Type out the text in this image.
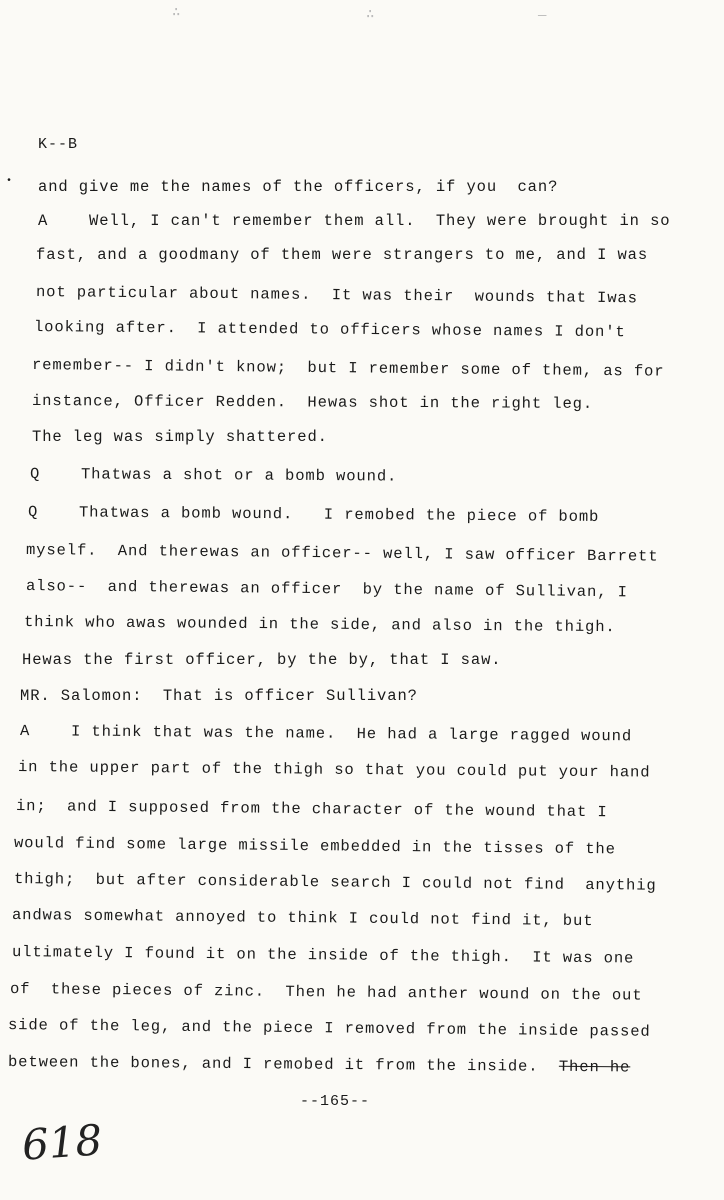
∴	∴	—
•
K--B
and give me the names of the officers, if you  can?
A    Well, I can't remember them all.  They were brought in so
fast, and a goodmany of them were strangers to me, and I was
not particular about names.  It was their  wounds that Iwas
looking after.  I attended to officers whose names I don't
remember-- I didn't know;  but I remember some of them, as for
instance, Officer Redden.  Hewas shot in the right leg.
The leg was simply shattered.
Q    Thatwas a shot or a bomb wound.
Q    Thatwas a bomb wound.   I remobed the piece of bomb
myself.  And therewas an officer-- well, I saw officer Barrett
also--  and therewas an officer  by the name of Sullivan, I
think who awas wounded in the side, and also in the thigh.
Hewas the first officer, by the by, that I saw.
MR. Salomon:  That is officer Sullivan?
A    I think that was the name.  He had a large ragged wound
in the upper part of the thigh so that you could put your hand
in;  and I supposed from the character of the wound that I
would find some large missile embedded in the tisses of the
thigh;  but after considerable search I could not find  anythig
andwas somewhat annoyed to think I could not find it, but
ultimately I found it on the inside of the thigh.  It was one
of  these pieces of zinc.  Then he had anther wound on the out
side of the leg, and the piece I removed from the inside passed
between the bones, and I remobed it from the inside. Then he
--165--
618
